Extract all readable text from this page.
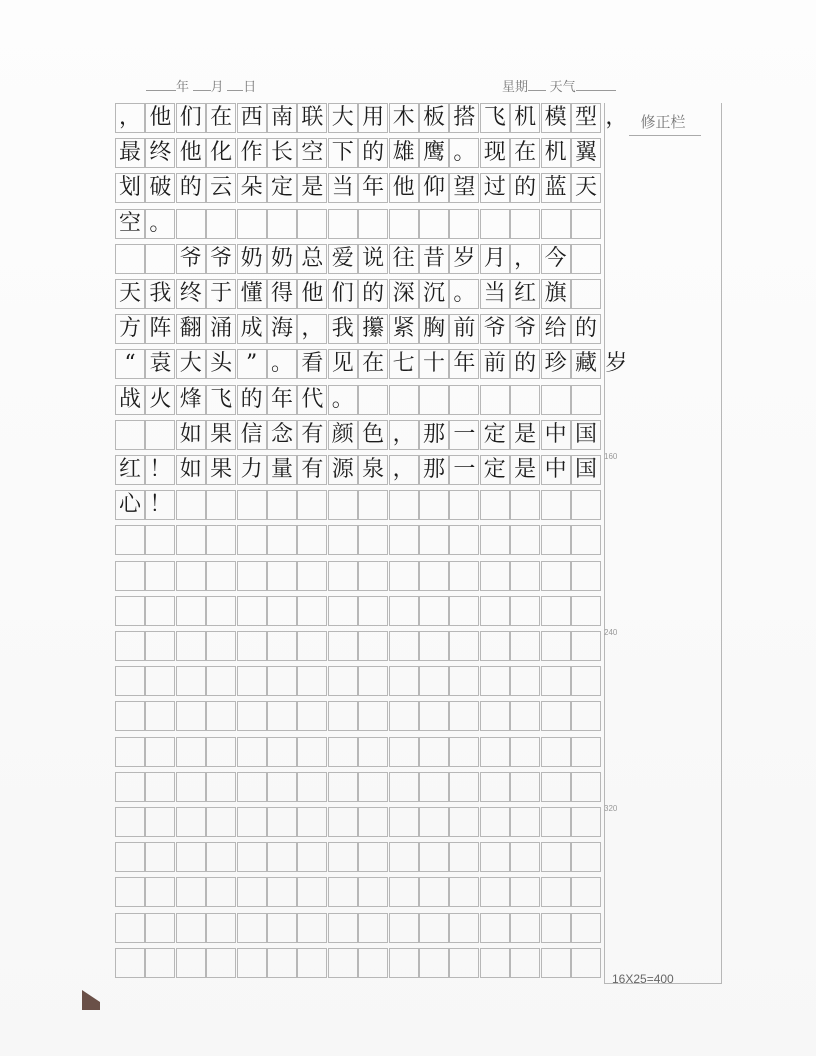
年 月 日	星期 天气
， 他 们 在 西 南 联 大 用 木 板 搭 飞 机 模 型 ，
最 终 他 化 作 长 空 下 的 雄 鹰 。 现 在 机 翼
划 破 的 云 朵 定 是 当 年 他 仰 望 过 的 蓝 天
空 。
爷 爷 奶 奶 总 爱 说 往 昔 岁 月 ， 今
天 我 终 于 懂 得 他 们 的 深 沉 。 当 红 旗
方 阵 翻 涌 成 海 ， 我 攥 紧 胸 前 爷 爷 给 的
“ 袁 大 头 ” 。 看 见 在 七 十 年 前 的 珍 藏 岁
战 火 烽 飞 的 年 代 。
如 果 信 念 有 颜 色 ， 那 一 定 是 中 国
红 ！ 如 果 力 量 有 源 泉 ， 那 一 定 是 中 国
心 ！
修正栏
160
240
320
16X25=400
